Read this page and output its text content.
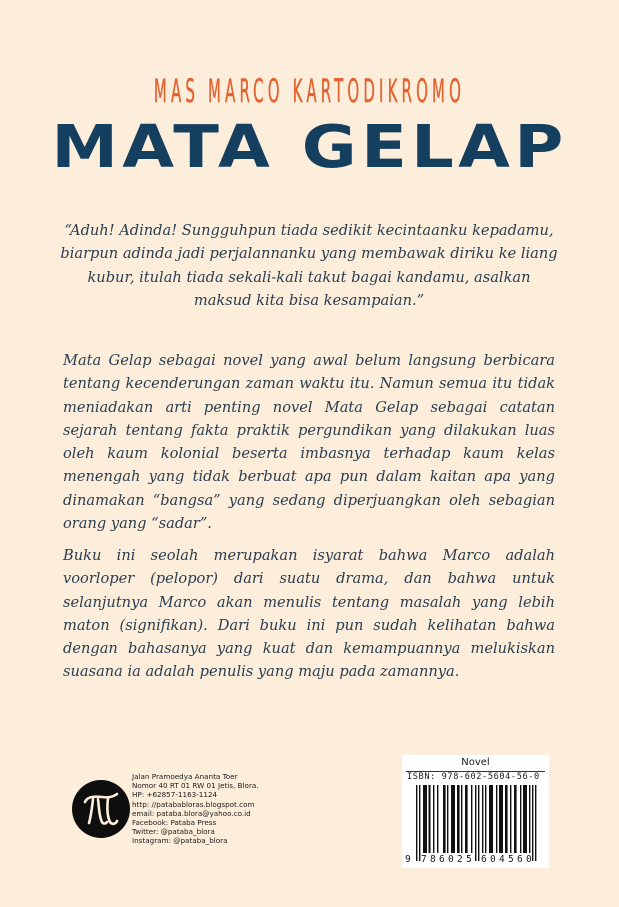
MAS MARCO KARTODIKROMO
MATA GELAP
“Aduh! Adinda! Sungguhpun tiada sedikit kecintaanku kepadamu,
biarpun adinda jadi perjalannanku yang membawak diriku ke liang
kubur, itulah tiada sekali-kali takut bagai kandamu, asalkan
maksud kita bisa kesampaian.”

Mata Gelap sebagai novel yang awal belum langsung berbicara tentang kecenderungan zaman waktu itu. Namun semua itu tidak meniadakan arti penting novel Mata Gelap sebagai catatan sejarah tentang fakta praktik pergundikan yang dilakukan luas oleh kaum kolonial beserta imbasnya terhadap kaum kelas menengah yang tidak berbuat apa pun dalam kaitan apa yang dinamakan “bangsa” yang sedang diperjuangkan oleh sebagian orang yang “sadar”.

Buku ini seolah merupakan isyarat bahwa Marco adalah voorloper (pelopor) dari suatu drama, dan bahwa untuk selanjutnya Marco akan menulis tentang masalah yang lebih maton (signifikan). Dari buku ini pun sudah kelihatan bahwa dengan bahasanya yang kuat dan kemampuannya melukiskan suasana ia adalah penulis yang maju pada zamannya.

Jalan Pramoedya Ananta Toer
Nomor 40 RT 01 RW 01 Jetis, Blora.
HP: +62857-1163-1124
http: //patababloras.blogspot.com
email: pataba.blora@yahoo.co.id
Facebook: Pataba Press
Twitter: @pataba_blora
Instagram: @pataba_blora
Novel
ISBN: 978-602-5604-56-0
9 7 8 6 0 2 5 6 0 4 5 6 0
